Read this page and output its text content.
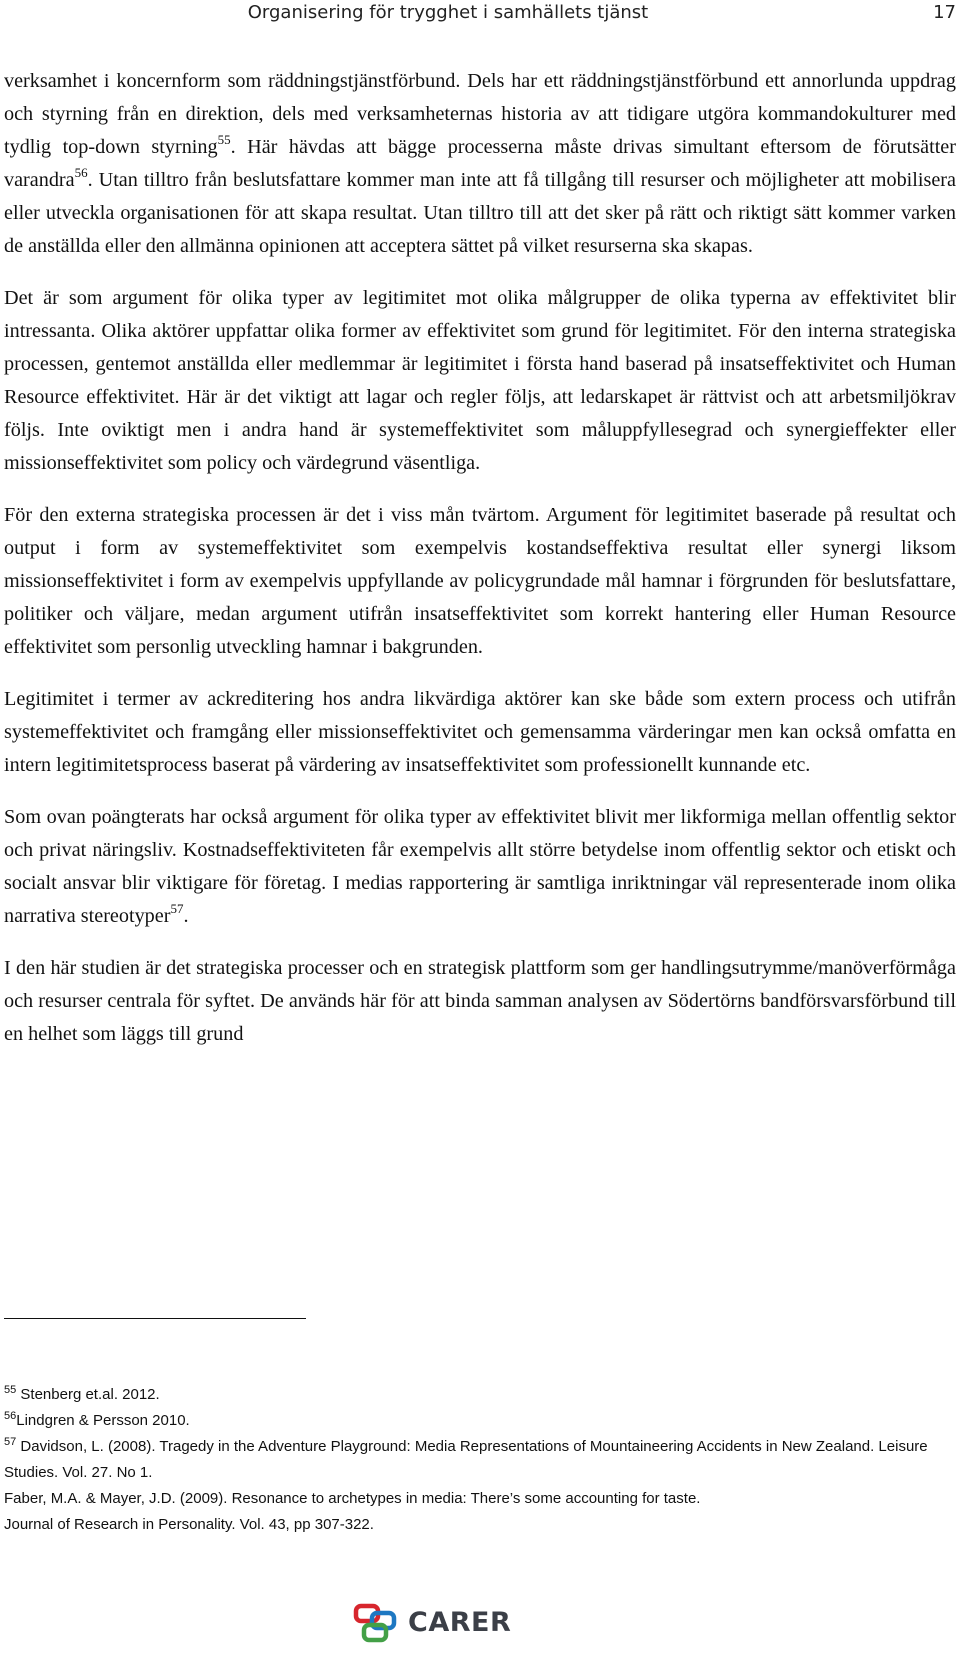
Organisering för trygghet i samhällets tjänst	17

verksamhet i koncernform som räddningstjänstförbund. Dels har ett räddningstjänstförbund ett annorlunda uppdrag och styrning från en direktion, dels med verksamheternas historia av att tidigare utgöra kommandokulturer med tydlig top-down styrning$^{55}$. Här hävdas att bägge processerna måste drivas simultant eftersom de förutsätter varandra$^{56}$. Utan tilltro från beslutsfattare kommer man inte att få tillgång till resurser och möjligheter att mobilisera eller utveckla organisationen för att skapa resultat. Utan tilltro till att det sker på rätt och riktigt sätt kommer varken de anställda eller den allmänna opinionen att acceptera sättet på vilket resurserna ska skapas.

Det är som argument för olika typer av legitimitet mot olika målgrupper de olika typerna av effektivitet blir intressanta. Olika aktörer uppfattar olika former av effektivitet som grund för legitimitet. För den interna strategiska processen, gentemot anställda eller medlemmar är legitimitet i första hand baserad på insatseffektivitet och Human Resource effektivitet. Här är det viktigt att lagar och regler följs, att ledarskapet är rättvist och att arbetsmiljökrav följs. Inte oviktigt men i andra hand är systemeffektivitet som måluppfyllesegrad och synergieffekter eller missionseffektivitet som policy och värdegrund väsentliga.

För den externa strategiska processen är det i viss mån tvärtom. Argument för legitimitet baserade på resultat och output i form av systemeffektivitet som exempelvis kostandseffektiva resultat eller synergi liksom missionseffektivitet i form av exempelvis uppfyllande av policygrundade mål hamnar i förgrunden för beslutsfattare, politiker och väljare, medan argument utifrån insatseffektivitet som korrekt hantering eller Human Resource effektivitet som personlig utveckling hamnar i bakgrunden.

Legitimitet i termer av ackreditering hos andra likvärdiga aktörer kan ske både som extern process och utifrån systemeffektivitet och framgång eller missionseffektivitet och gemensamma värderingar men kan också omfatta en intern legitimitetsprocess baserat på värdering av insatseffektivitet som professionellt kunnande etc.

Som ovan poängterats har också argument för olika typer av effektivitet blivit mer likformiga mellan offentlig sektor och privat näringsliv. Kostnadseffektiviteten får exempelvis allt större betydelse inom offentlig sektor och etiskt och socialt ansvar blir viktigare för företag. I medias rapportering är samtliga inriktningar väl representerade inom olika narrativa stereotyper$^{57}$.

I den här studien är det strategiska processer och en strategisk plattform som ger handlingsutrymme/manöverförmåga och resurser centrala för syftet. De används här för att binda samman analysen av Södertörns bandförsvarsförbund till en helhet som läggs till grund

$^{55}$ Stenberg et.al. 2012.

$^{56}$Lindgren & Persson 2010.

$^{57}$ Davidson, L. (2008). Tragedy in the Adventure Playground: Media Representations of Mountaineering Accidents in New Zealand. Leisure Studies. Vol. 27. No 1.

Faber, M.A. & Mayer, J.D. (2009). Resonance to archetypes in media: There’s some accounting for taste.

Journal of Research in Personality. Vol. 43, pp 307-322.

CARER
